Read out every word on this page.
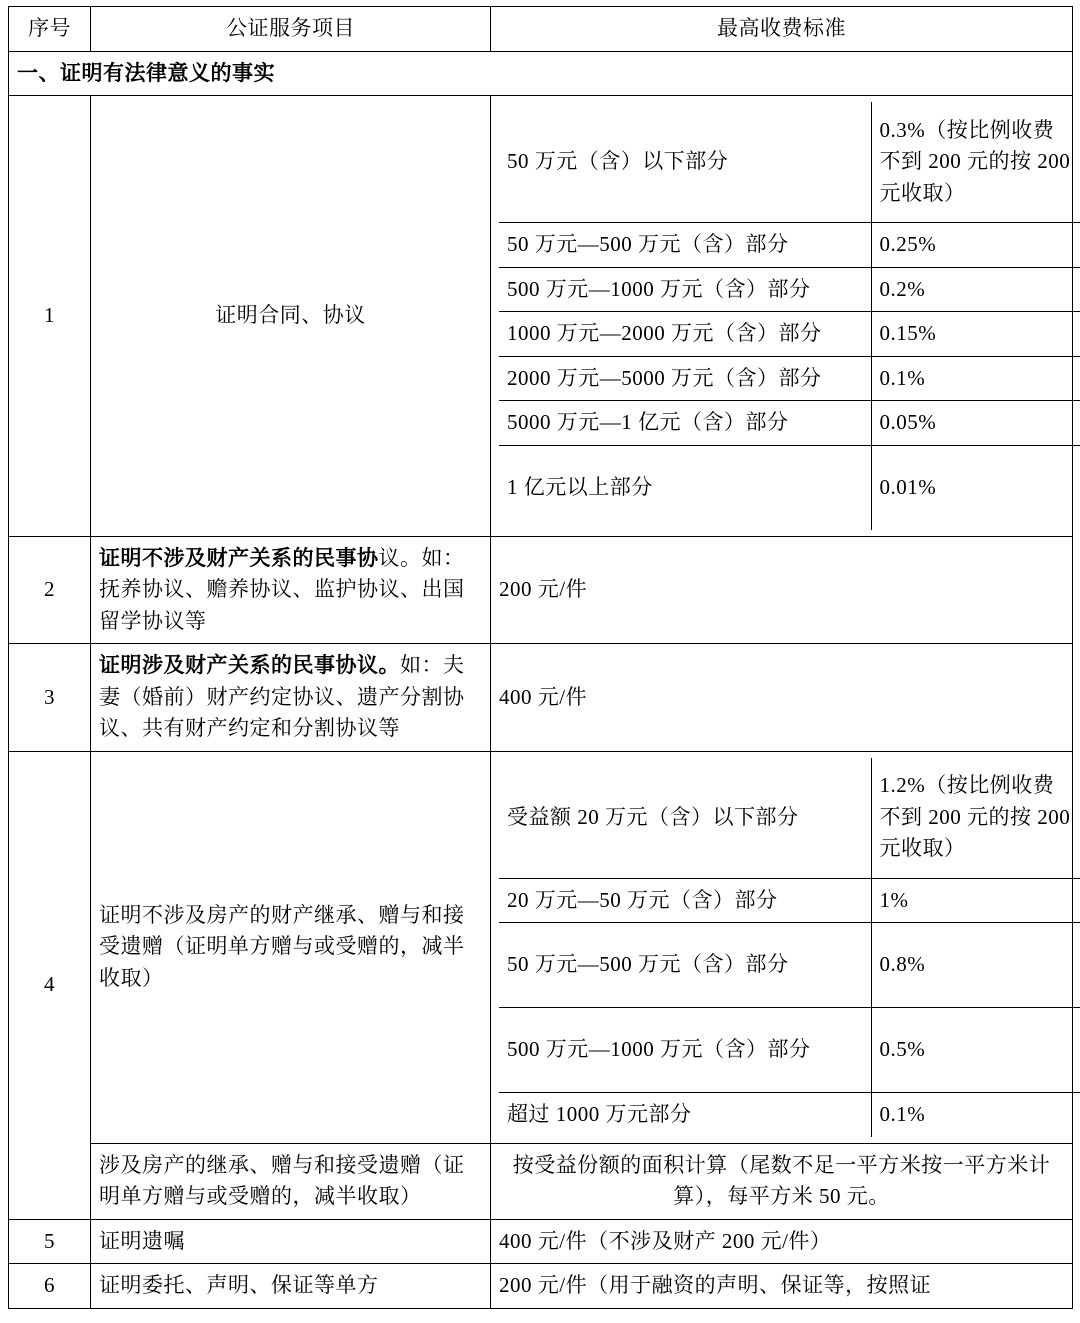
序号	公证服务项目	最高收费标准
一、证明有法律意义的事实
1	证明合同、协议	
50 万元（含）以下部分	0.3%（按比例收费不到 200 元的按 200 元收取）
50 万元—500 万元（含）部分	0.25%
500 万元—1000 万元（含）部分	0.2%
1000 万元—2000 万元（含）部分	0.15%
2000 万元—5000 万元（含）部分	0.1%
5000 万元—1 亿元（含）部分	0.05%
1 亿元以上部分	0.01%

2	证明不涉及财产关系的民事协议。如：抚养协议、赡养协议、监护协议、出国留学协议等	200 元/件
3	证明涉及财产关系的民事协议。如：夫妻（婚前）财产约定协议、遗产分割协议、共有财产约定和分割协议等	400 元/件
4	证明不涉及房产的财产继承、赠与和接受遗赠（证明单方赠与或受赠的，减半收取）	
受益额 20 万元（含）以下部分	1.2%（按比例收费不到 200 元的按 200 元收取）
20 万元—50 万元（含）部分	1%
50 万元—500 万元（含）部分	0.8%
500 万元—1000 万元（含）部分	0.5%
超过 1000 万元部分	0.1%

涉及房产的继承、赠与和接受遗赠（证明单方赠与或受赠的，减半收取）	按受益份额的面积计算（尾数不足一平方米按一平方米计算），每平方米 50 元。
5	证明遗嘱	400 元/件（不涉及财产 200 元/件）
6	证明委托、声明、保证等单方	200 元/件（用于融资的声明、保证等，按照证
